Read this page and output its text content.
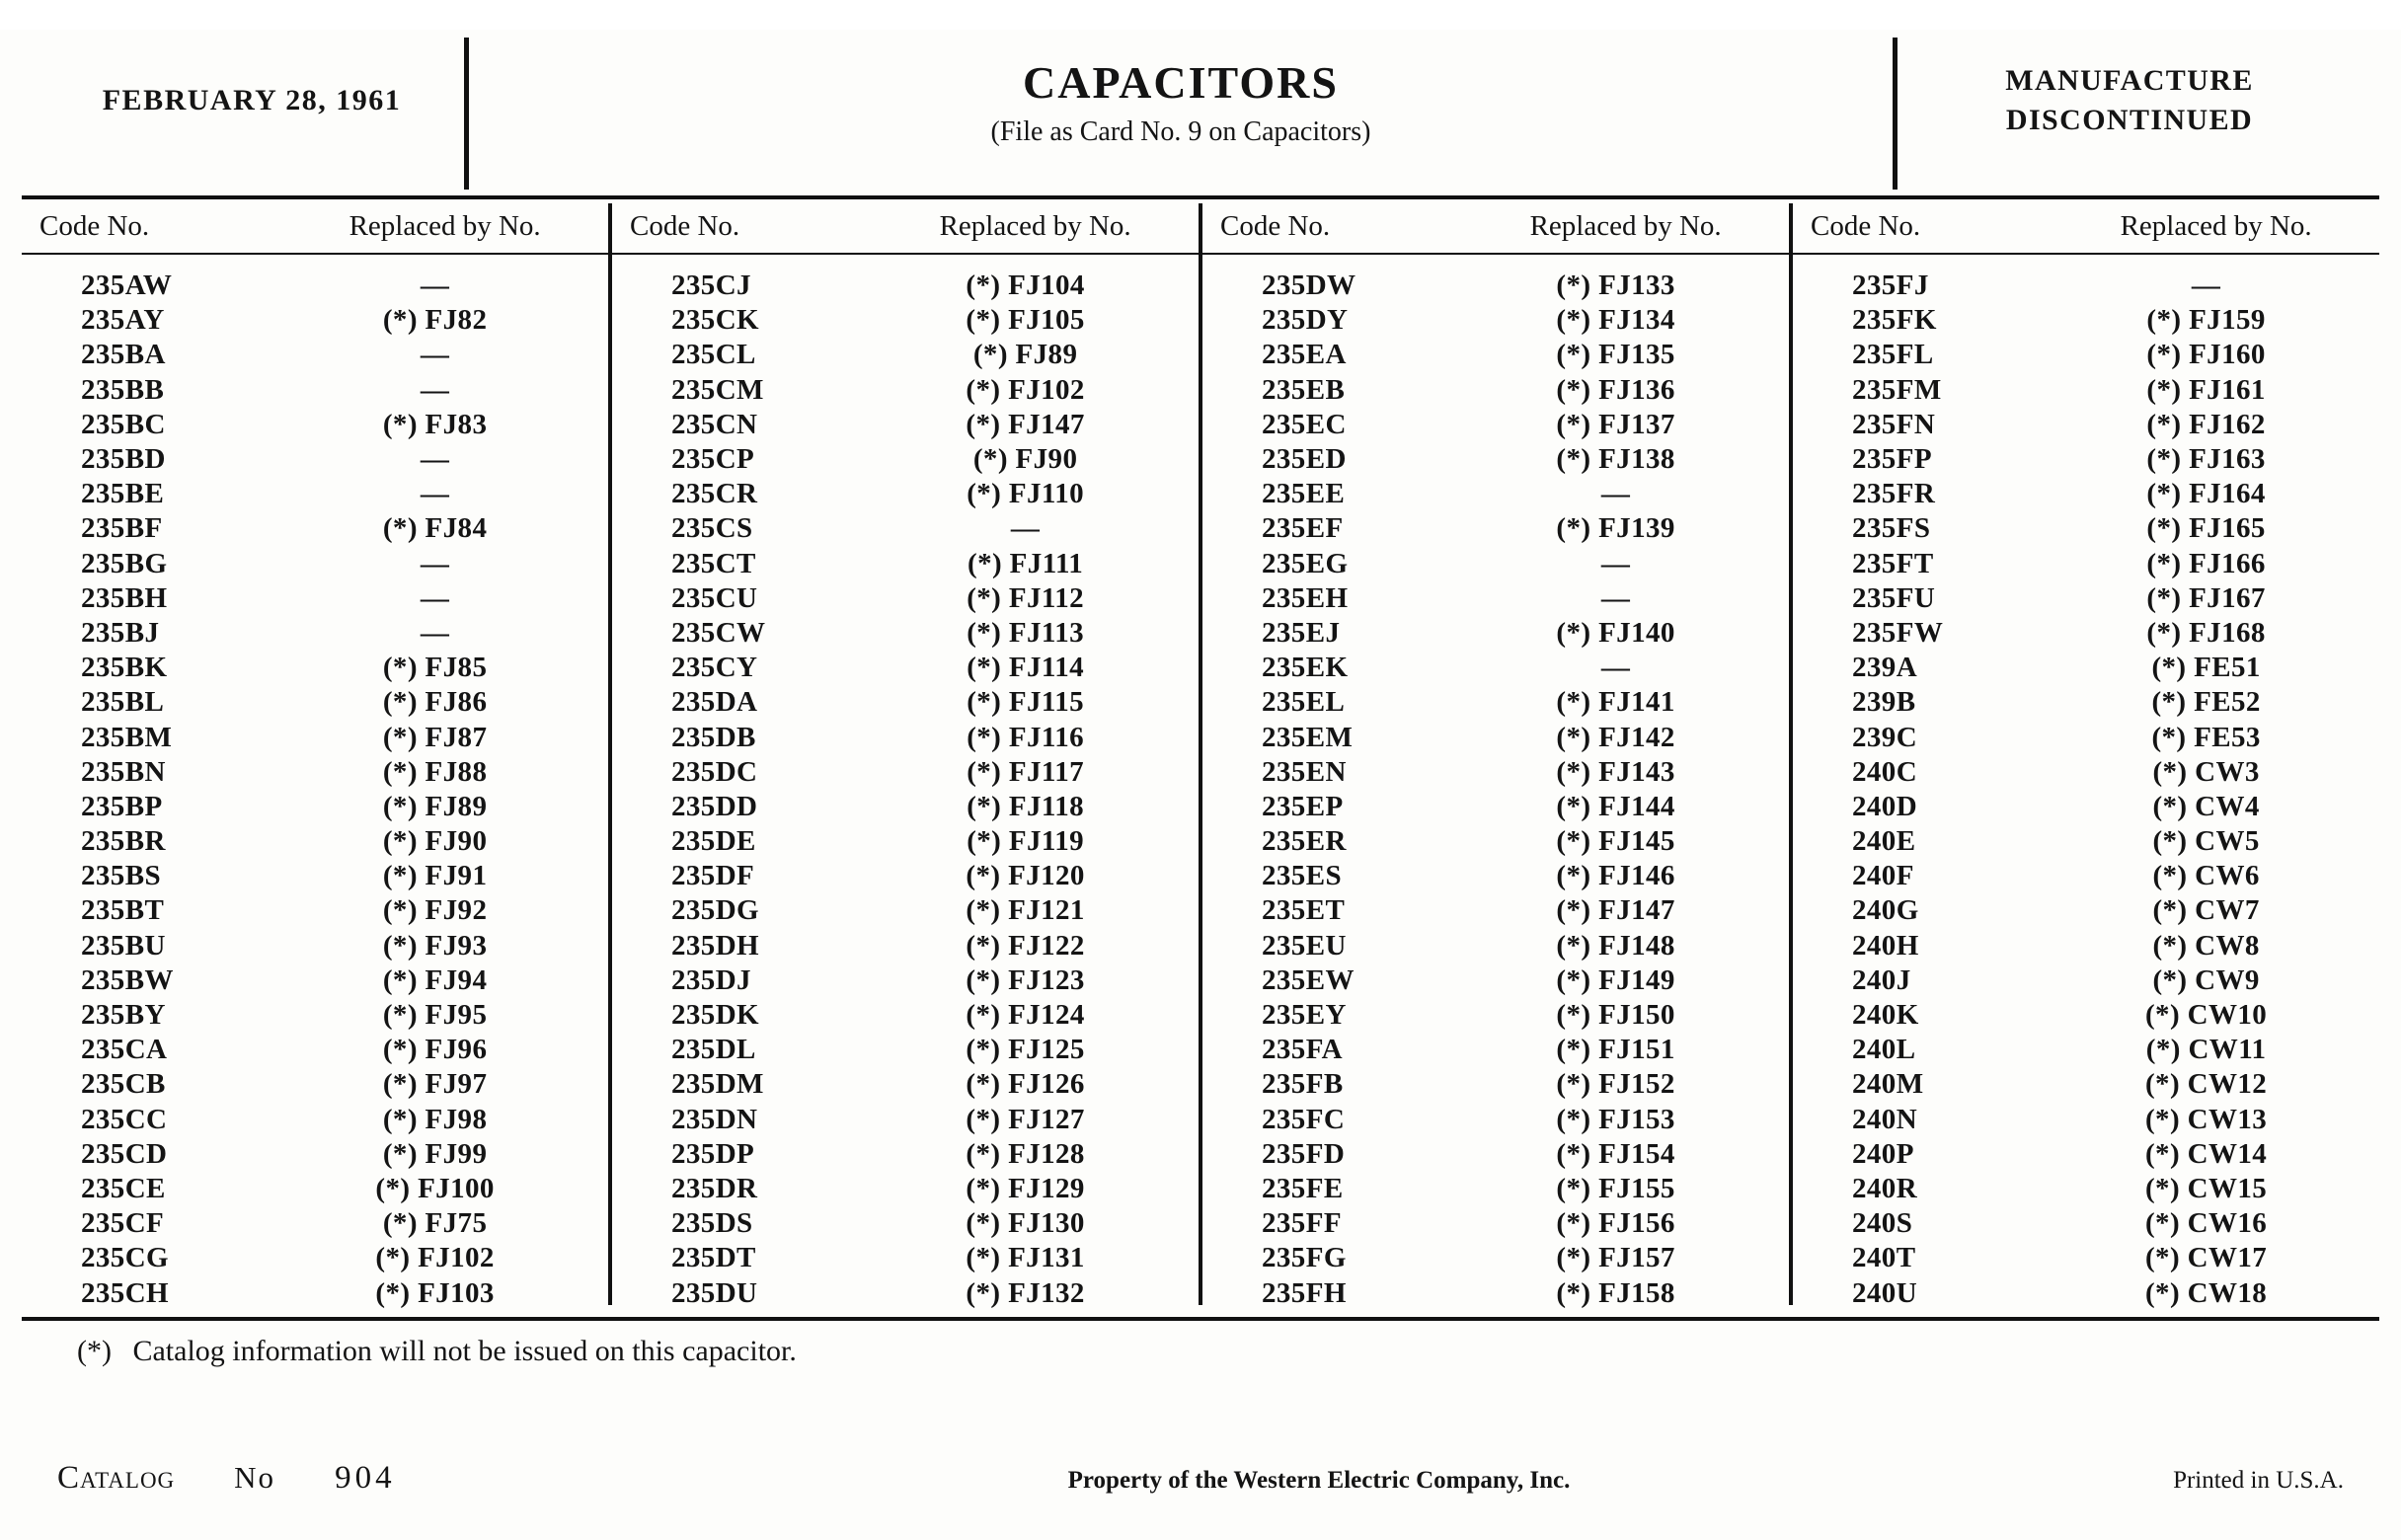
FEBRUARY 28, 1961	CAPACITORS
(File as Card No. 9 on Capacitors)
MANUFACTURE
DISCONTINUED
Code No.	Replaced by No.
235AW	—
235AY	(*) FJ82
235BA	—
235BB	—
235BC	(*) FJ83
235BD	—
235BE	—
235BF	(*) FJ84
235BG	—
235BH	—
235BJ	—
235BK	(*) FJ85
235BL	(*) FJ86
235BM	(*) FJ87
235BN	(*) FJ88
235BP	(*) FJ89
235BR	(*) FJ90
235BS	(*) FJ91
235BT	(*) FJ92
235BU	(*) FJ93
235BW	(*) FJ94
235BY	(*) FJ95
235CA	(*) FJ96
235CB	(*) FJ97
235CC	(*) FJ98
235CD	(*) FJ99
235CE	(*) FJ100
235CF	(*) FJ75
235CG	(*) FJ102
235CH	(*) FJ103
Code No.	Replaced by No.
235CJ	(*) FJ104
235CK	(*) FJ105
235CL	(*) FJ89
235CM	(*) FJ102
235CN	(*) FJ147
235CP	(*) FJ90
235CR	(*) FJ110
235CS	—
235CT	(*) FJ111
235CU	(*) FJ112
235CW	(*) FJ113
235CY	(*) FJ114
235DA	(*) FJ115
235DB	(*) FJ116
235DC	(*) FJ117
235DD	(*) FJ118
235DE	(*) FJ119
235DF	(*) FJ120
235DG	(*) FJ121
235DH	(*) FJ122
235DJ	(*) FJ123
235DK	(*) FJ124
235DL	(*) FJ125
235DM	(*) FJ126
235DN	(*) FJ127
235DP	(*) FJ128
235DR	(*) FJ129
235DS	(*) FJ130
235DT	(*) FJ131
235DU	(*) FJ132
Code No.	Replaced by No.
235DW	(*) FJ133
235DY	(*) FJ134
235EA	(*) FJ135
235EB	(*) FJ136
235EC	(*) FJ137
235ED	(*) FJ138
235EE	—
235EF	(*) FJ139
235EG	—
235EH	—
235EJ	(*) FJ140
235EK	—
235EL	(*) FJ141
235EM	(*) FJ142
235EN	(*) FJ143
235EP	(*) FJ144
235ER	(*) FJ145
235ES	(*) FJ146
235ET	(*) FJ147
235EU	(*) FJ148
235EW	(*) FJ149
235EY	(*) FJ150
235FA	(*) FJ151
235FB	(*) FJ152
235FC	(*) FJ153
235FD	(*) FJ154
235FE	(*) FJ155
235FF	(*) FJ156
235FG	(*) FJ157
235FH	(*) FJ158
Code No.	Replaced by No.
235FJ	—
235FK	(*) FJ159
235FL	(*) FJ160
235FM	(*) FJ161
235FN	(*) FJ162
235FP	(*) FJ163
235FR	(*) FJ164
235FS	(*) FJ165
235FT	(*) FJ166
235FU	(*) FJ167
235FW	(*) FJ168
239A	(*) FE51
239B	(*) FE52
239C	(*) FE53
240C	(*) CW3
240D	(*) CW4
240E	(*) CW5
240F	(*) CW6
240G	(*) CW7
240H	(*) CW8
240J	(*) CW9
240K	(*) CW10
240L	(*) CW11
240M	(*) CW12
240N	(*) CW13
240P	(*) CW14
240R	(*) CW15
240S	(*) CW16
240T	(*) CW17
240U	(*) CW18
(*) Catalog information will not be issued on this capacitor.
Catalog No 904	Property of the Western Electric Company, Inc.	Printed in U.S.A.
